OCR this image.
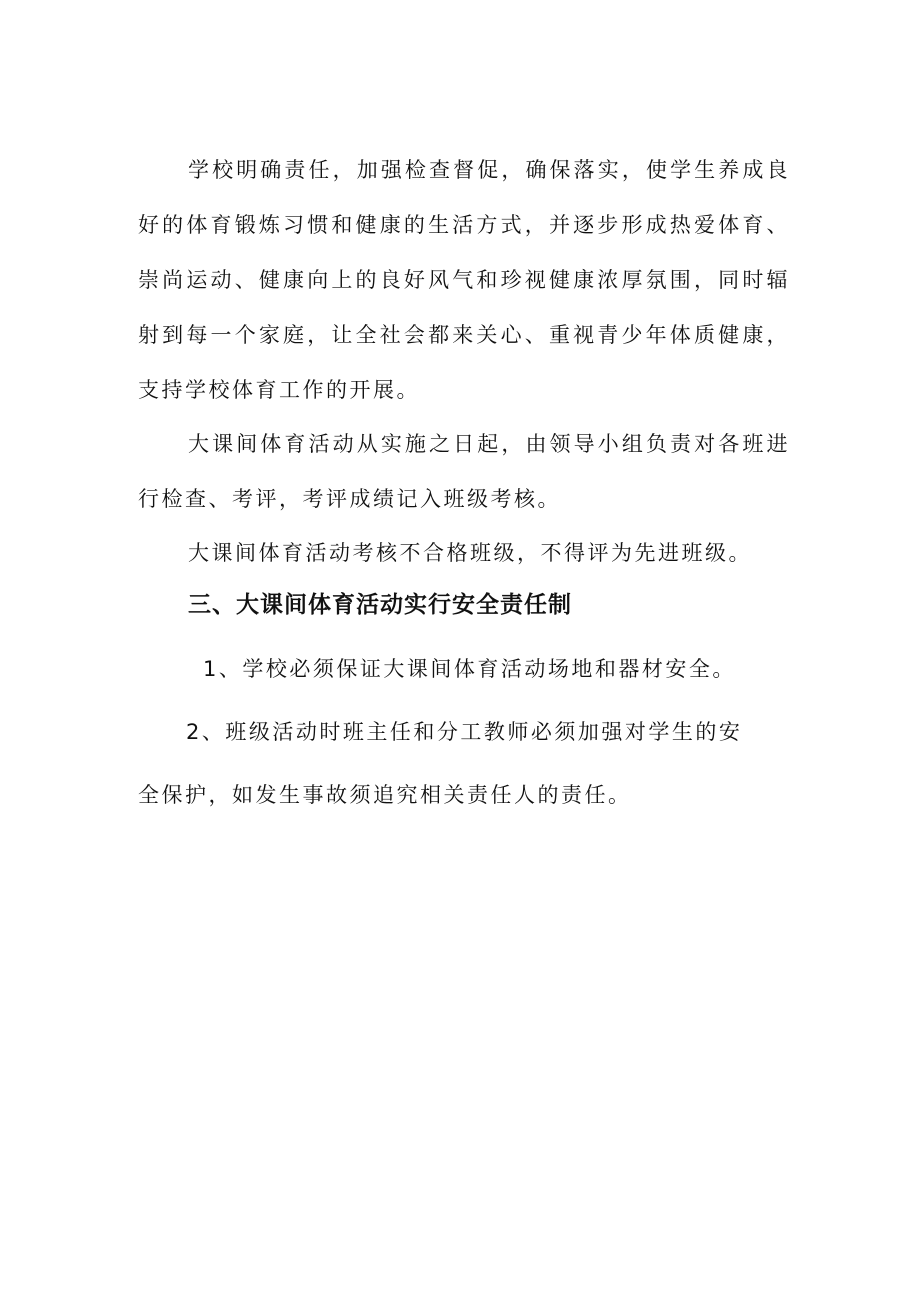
学校明确责任，加强检查督促，确保落实，使学生养成良好的体育锻炼习惯和健康的生活方式，并逐步形成热爱体育、崇尚运动、健康向上的良好风气和珍视健康浓厚氛围，同时辐射到每一个家庭，让全社会都来关心、重视青少年体质健康，支持学校体育工作的开展。

大课间体育活动从实施之日起，由领导小组负责对各班进行检查、考评，考评成绩记入班级考核。

大课间体育活动考核不合格班级，不得评为先进班级。

三、大课间体育活动实行安全责任制

1、学校必须保证大课间体育活动场地和器材安全。

2、班级活动时班主任和分工教师必须加强对学生的安

全保护，如发生事故须追究相关责任人的责任。
